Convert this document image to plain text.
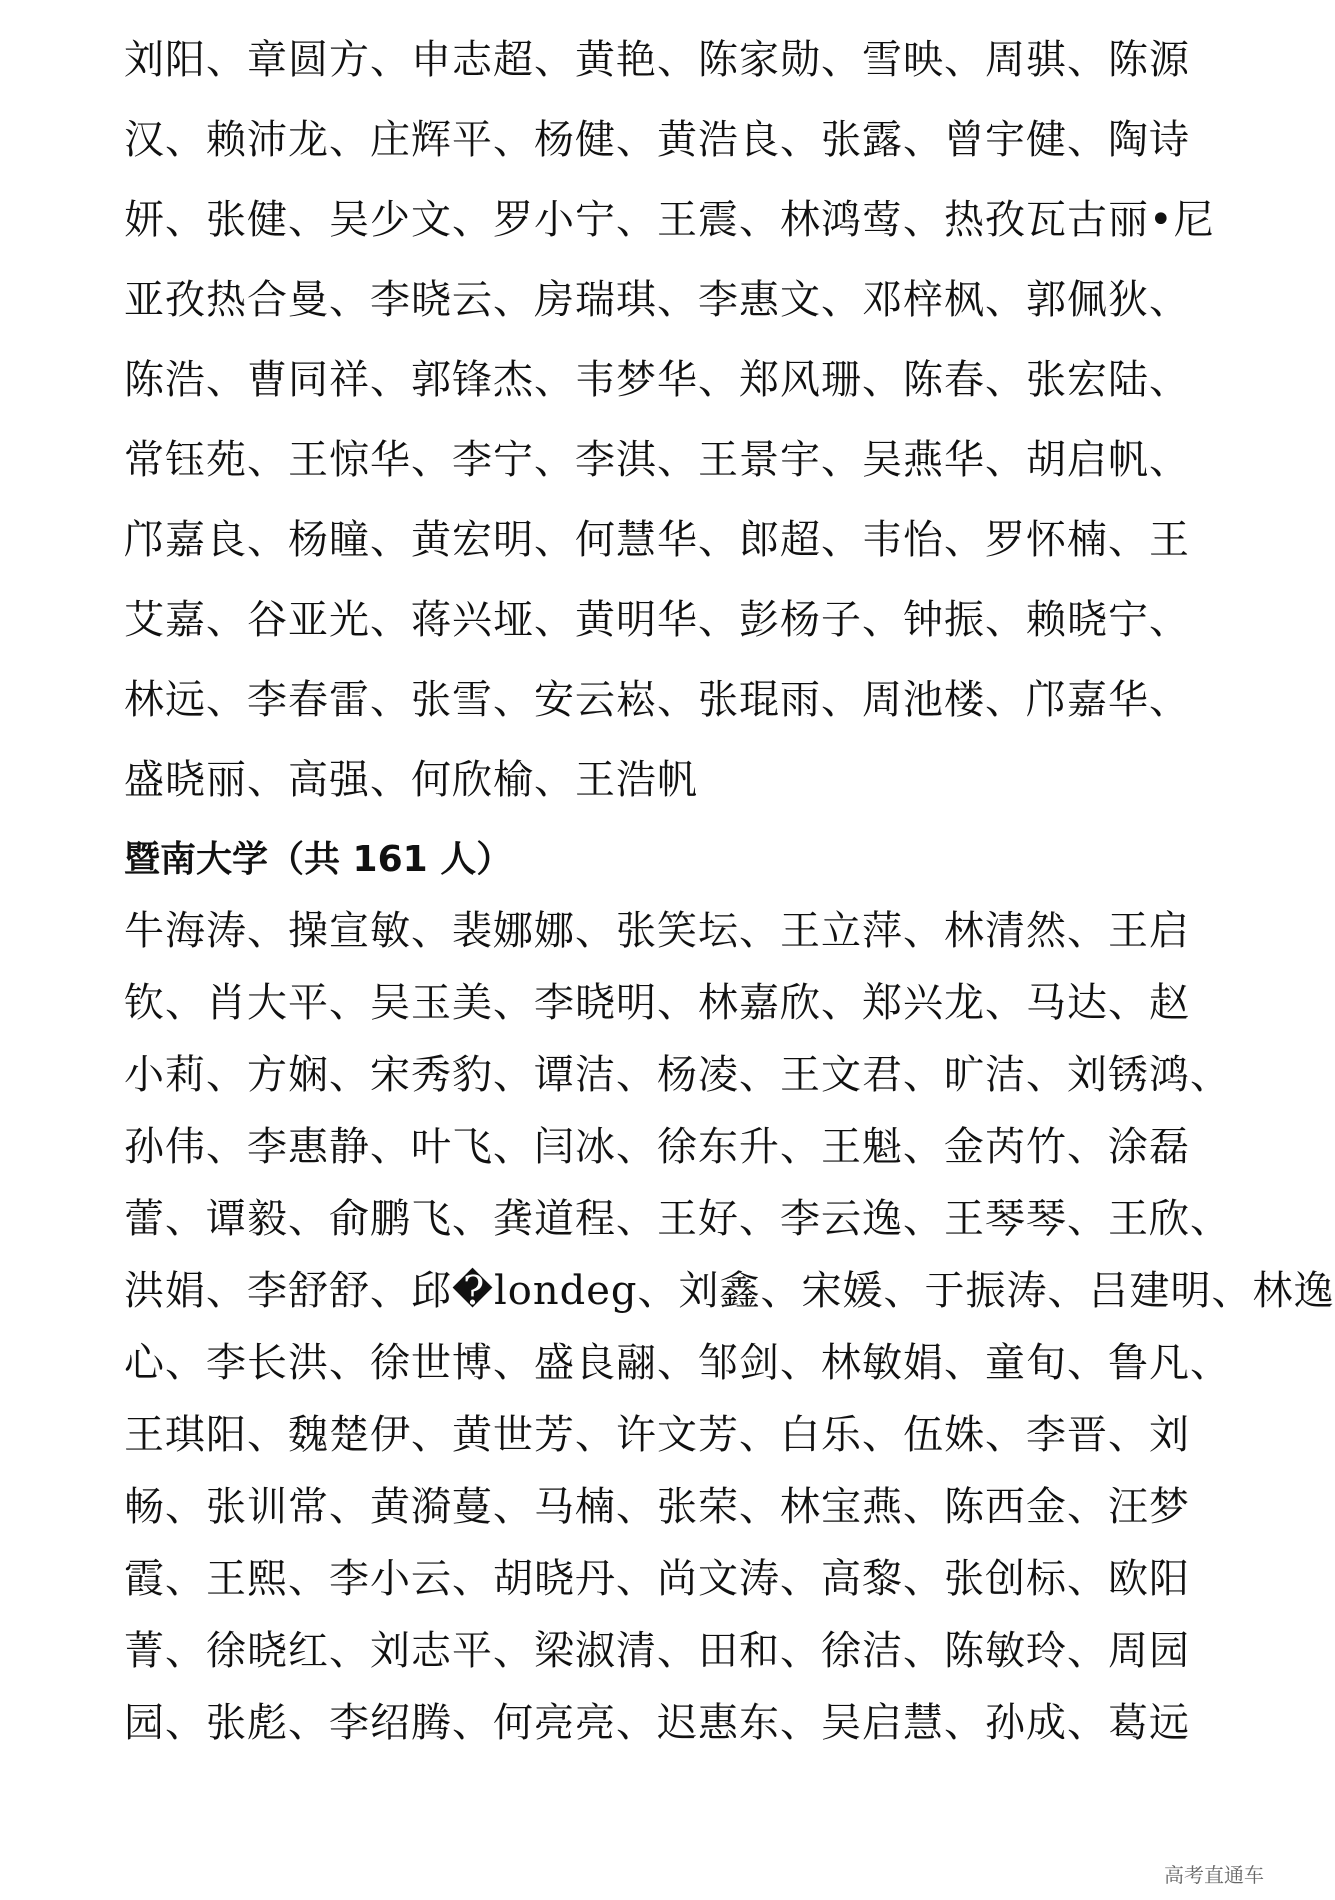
刘阳、章圆方、申志超、黄艳、陈家勋、雪映、周骐、陈源
汉、赖沛龙、庄辉平、杨健、黄浩良、张露、曾宇健、陶诗
妍、张健、吴少文、罗小宁、王震、林鸿莺、热孜瓦古丽•尼
亚孜热合曼、李晓云、房瑞琪、李惠文、邓梓枫、郭佩狄、
陈浩、曹同祥、郭锋杰、韦梦华、郑风珊、陈春、张宏陆、
常钰苑、王惊华、李宁、李淇、王景宇、吴燕华、胡启帆、
邝嘉良、杨瞳、黄宏明、何慧华、郎超、韦怡、罗怀楠、王
艾嘉、谷亚光、蒋兴垭、黄明华、彭杨子、钟振、赖晓宁、
林远、李春雷、张雪、安云崧、张琨雨、周池楼、邝嘉华、
盛晓丽、高强、何欣榆、王浩帆
暨南大学（共 161 人）
牛海涛、操宣敏、裴娜娜、张笑坛、王立萍、林清然、王启
钦、肖大平、吴玉美、李晓明、林嘉欣、郑兴龙、马达、赵
小莉、方娴、宋秀豹、谭洁、杨凌、王文君、旷洁、刘锈鸿、
孙伟、李惠静、叶飞、闫冰、徐东升、王魁、金芮竹、涂磊
蕾、谭毅、俞鹏飞、龚道程、王好、李云逸、王琴琴、王欣、
洪娟、李舒舒、邱�londeg、刘鑫、宋媛、于振涛、吕建明、林逸
心、李长洪、徐世博、盛良翮、邹剑、林敏娟、童旬、鲁凡、
王琪阳、魏楚伊、黄世芳、许文芳、白乐、伍姝、李晋、刘
畅、张训常、黄漪蔓、马楠、张荣、林宝燕、陈西金、汪梦
霞、王熙、李小云、胡晓丹、尚文涛、高黎、张创标、欧阳
菁、徐晓红、刘志平、梁淑清、田和、徐洁、陈敏玲、周园
园、张彪、李绍腾、何亮亮、迟惠东、吴启慧、孙成、葛远
高考直通车
